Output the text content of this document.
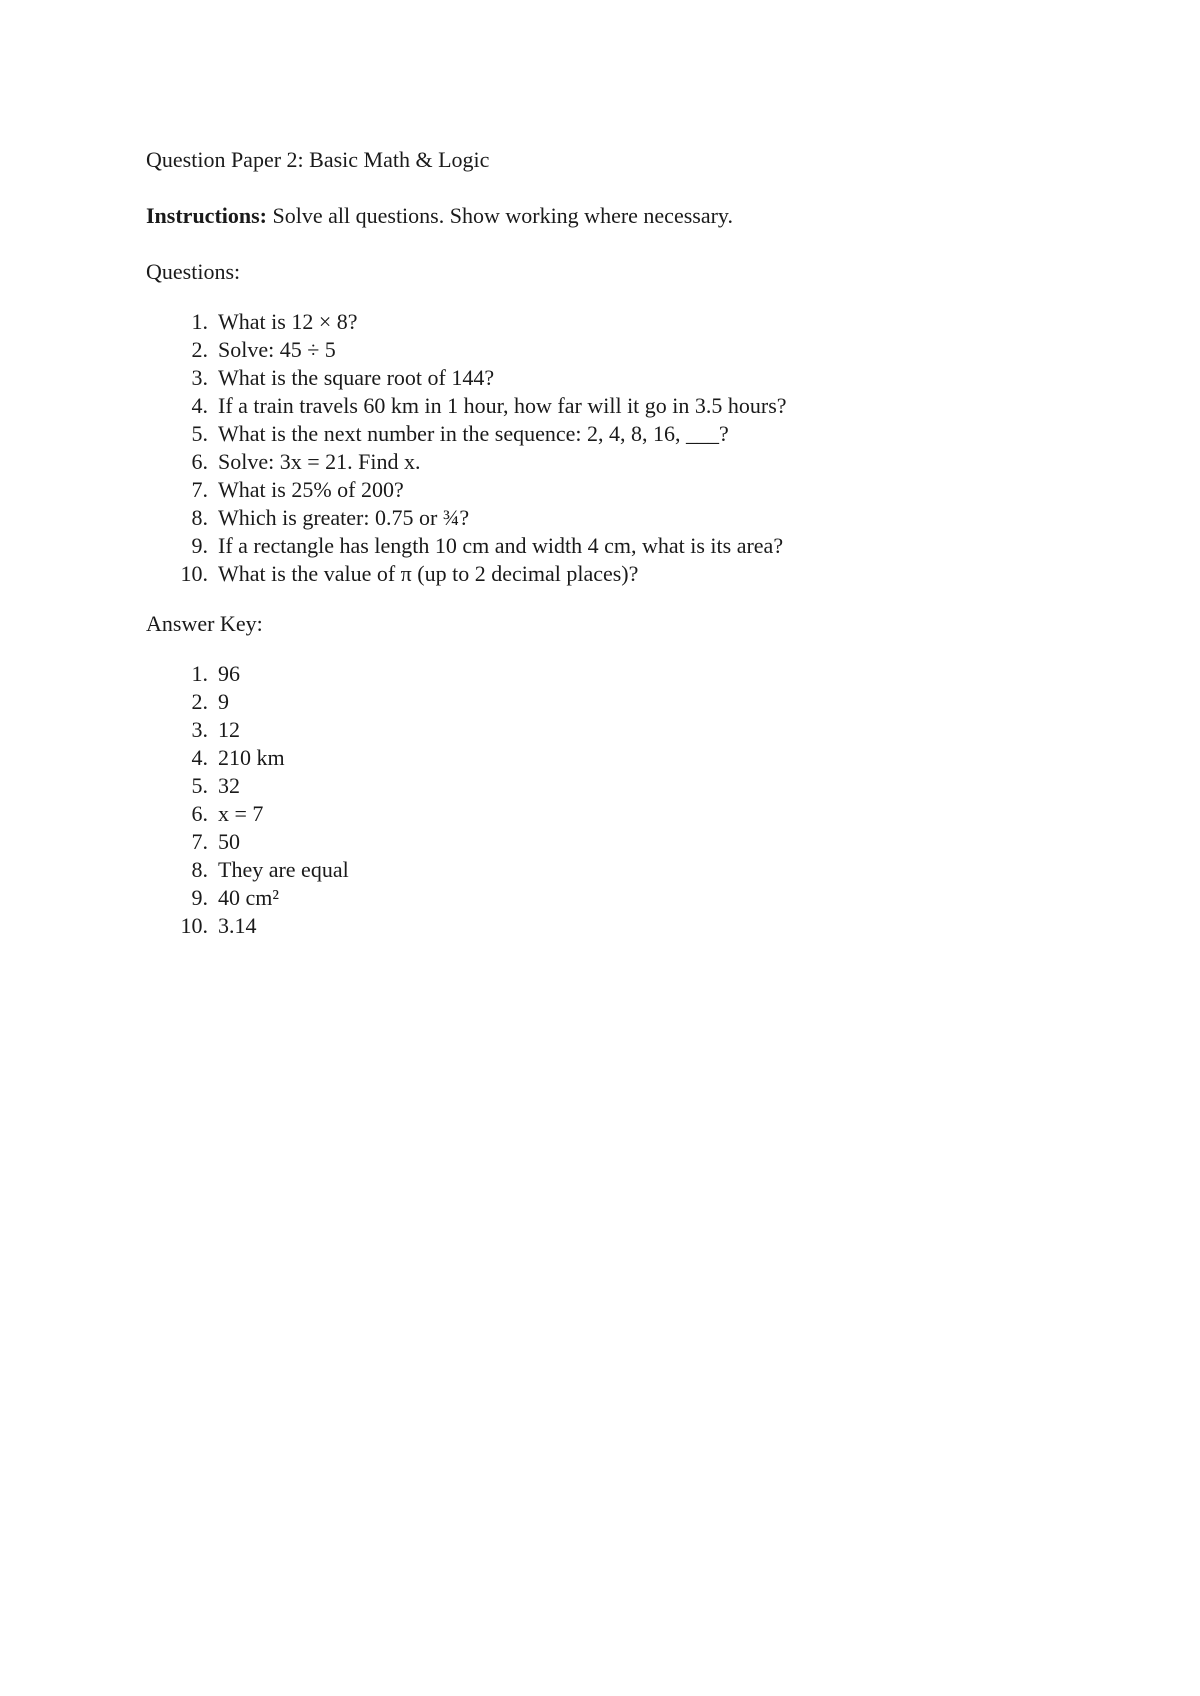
Question Paper 2: Basic Math & Logic
Instructions: Solve all questions. Show working where necessary.
Questions:
1. What is 12 × 8?
2. Solve: 45 ÷ 5
3. What is the square root of 144?
4. If a train travels 60 km in 1 hour, how far will it go in 3.5 hours?
5. What is the next number in the sequence: 2, 4, 8, 16, ___?
6. Solve: 3x = 21. Find x.
7. What is 25% of 200?
8. Which is greater: 0.75 or ¾?
9. If a rectangle has length 10 cm and width 4 cm, what is its area?
10. What is the value of π (up to 2 decimal places)?
Answer Key:
1. 96
2. 9
3. 12
4. 210 km
5. 32
6. x = 7
7. 50
8. They are equal
9. 40 cm²
10. 3.14
